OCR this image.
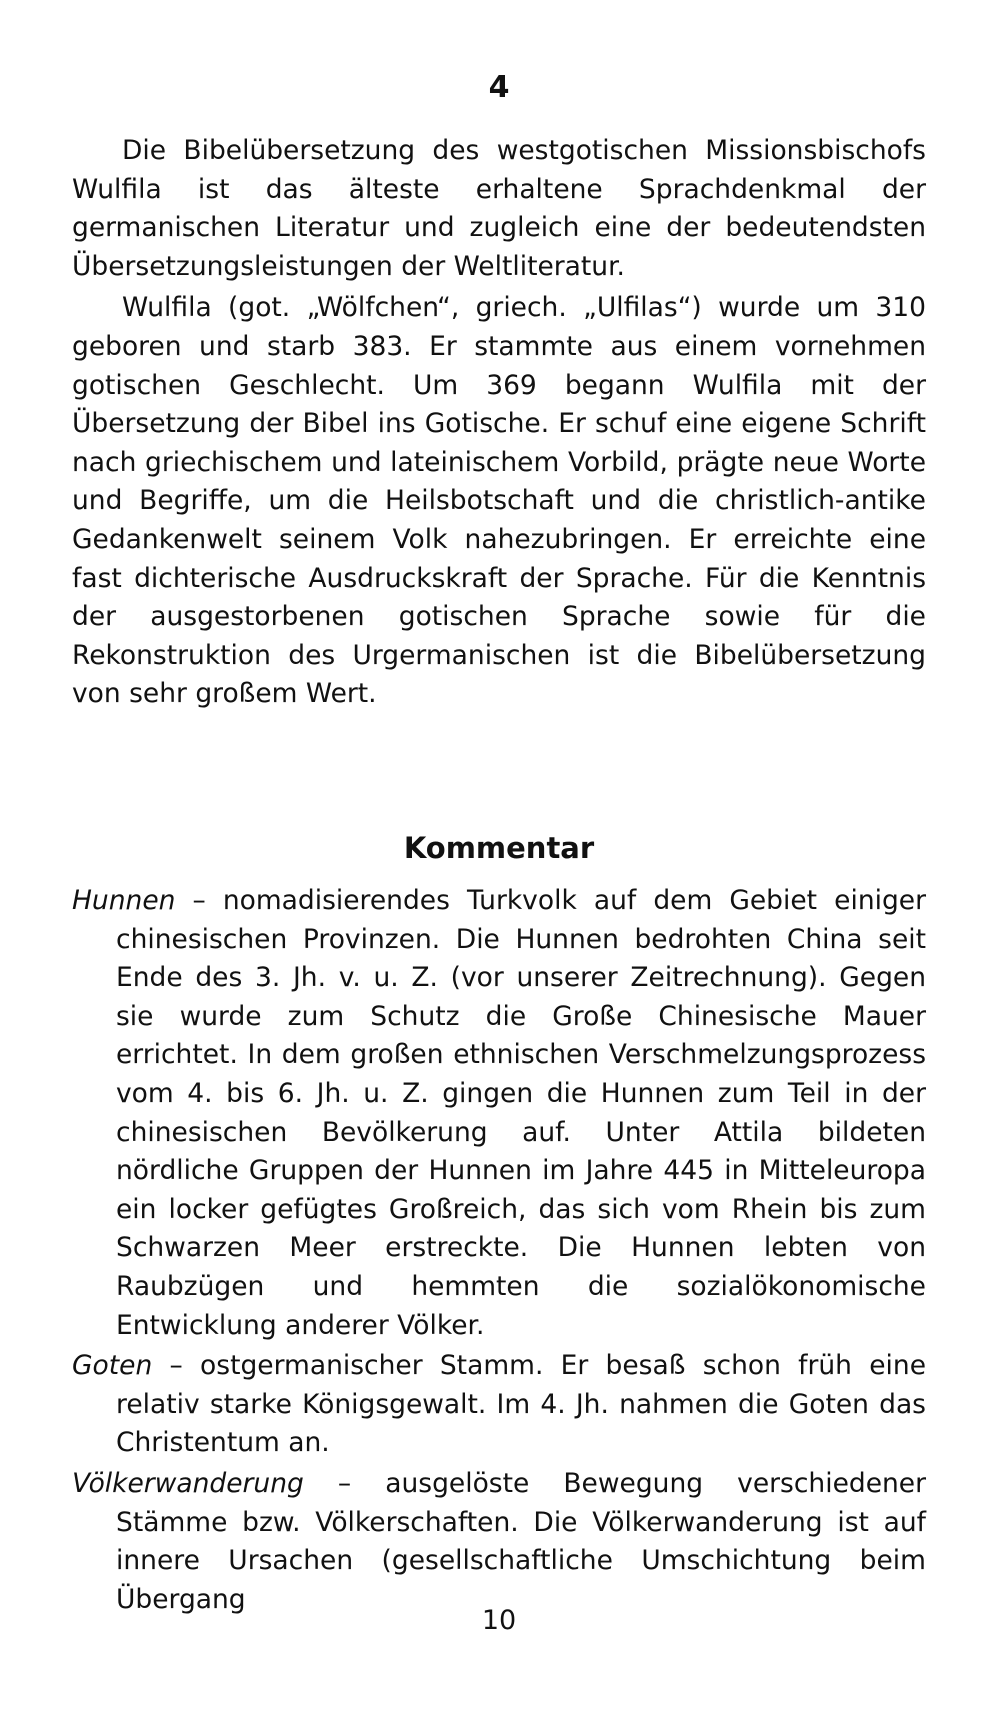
4

Die Bibelübersetzung des westgotischen Missionsbischofs Wulfila ist das älteste erhaltene Sprachdenkmal der germanischen Literatur und zugleich eine der bedeutendsten Übersetzungsleistungen der Weltliteratur.

Wulfila (got. „Wölfchen“, griech. „Ulfilas“) wurde um 310 geboren und starb 383. Er stammte aus einem vornehmen gotischen Geschlecht. Um 369 begann Wulfila mit der Übersetzung der Bibel ins Gotische. Er schuf eine eigene Schrift nach griechischem und lateinischem Vorbild, prägte neue Worte und Begriffe, um die Heilsbotschaft und die christlich-antike Gedankenwelt seinem Volk nahezubringen. Er erreichte eine fast dichterische Ausdruckskraft der Sprache. Für die Kenntnis der ausgestorbenen gotischen Sprache sowie für die Rekonstruktion des Urgermanischen ist die Bibelübersetzung von sehr großem Wert.

Kommentar

Hunnen – nomadisierendes Turkvolk auf dem Gebiet einiger chinesischen Provinzen. Die Hunnen bedrohten China seit Ende des 3. Jh. v. u. Z. (vor unserer Zeitrechnung). Gegen sie wurde zum Schutz die Große Chinesische Mauer errichtet. In dem großen ethnischen Verschmelzungsprozess vom 4. bis 6. Jh. u. Z. gingen die Hunnen zum Teil in der chinesischen Bevölkerung auf. Unter Attila bildeten nördliche Gruppen der Hunnen im Jahre 445 in Mitteleuropa ein locker gefügtes Großreich, das sich vom Rhein bis zum Schwarzen Meer erstreckte. Die Hunnen lebten von Raubzügen und hemmten die sozialökonomische Entwicklung anderer Völker.

Goten – ostgermanischer Stamm. Er besaß schon früh eine relativ starke Königsgewalt. Im 4. Jh. nahmen die Goten das Christentum an.

Völkerwanderung – ausgelöste Bewegung verschiedener Stämme bzw. Völkerschaften. Die Völkerwanderung ist auf innere Ursachen (gesellschaftliche Umschichtung beim Übergang

10
